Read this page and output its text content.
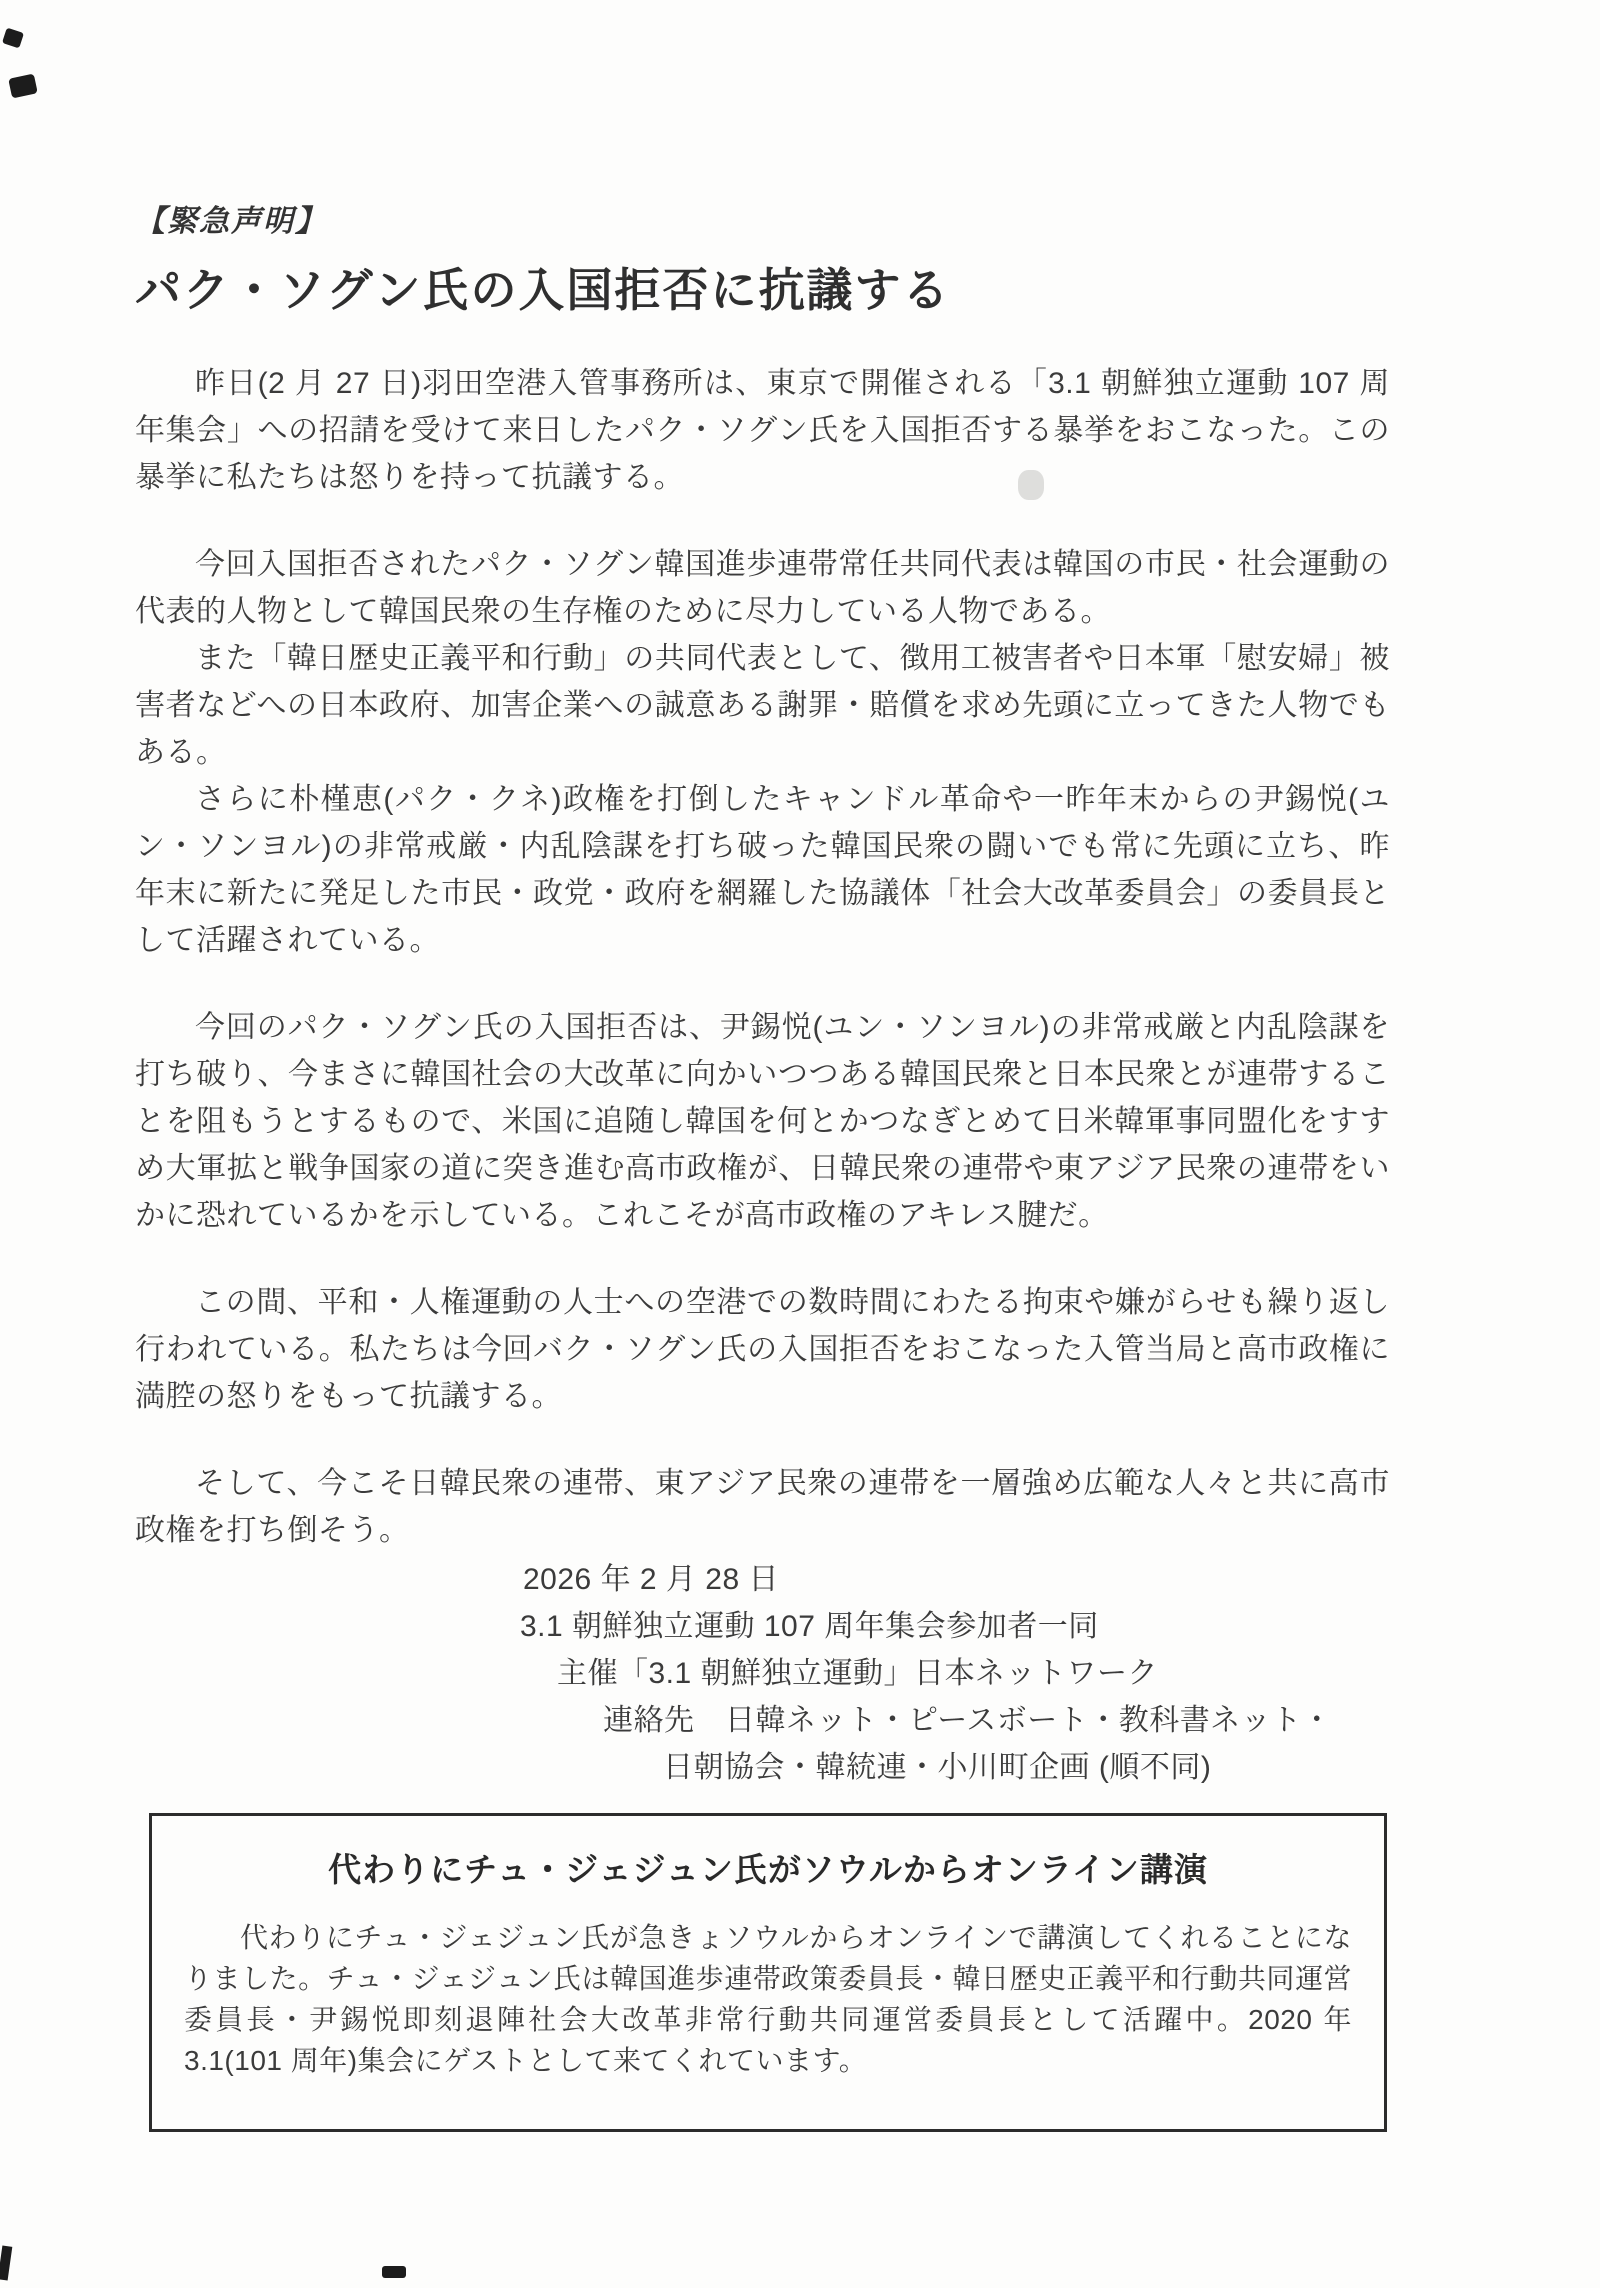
【緊急声明】
パク・ソグン氏の入国拒否に抗議する

昨日(2 月 27 日)羽田空港入管事務所は、東京で開催される「3.1 朝鮮独立運動 107 周年集会」への招請を受けて来日したパク・ソグン氏を入国拒否する暴挙をおこなった。この暴挙に私たちは怒りを持って抗議する。

今回入国拒否されたパク・ソグン韓国進歩連帯常任共同代表は韓国の市民・社会運動の代表的人物として韓国民衆の生存権のために尽力している人物である。

また「韓日歴史正義平和行動」の共同代表として、徴用工被害者や日本軍「慰安婦」被害者などへの日本政府、加害企業への誠意ある謝罪・賠償を求め先頭に立ってきた人物でもある。

さらに朴槿恵(パク・クネ)政権を打倒したキャンドル革命や一昨年末からの尹錫悦(ユン・ソンヨル)の非常戒厳・内乱陰謀を打ち破った韓国民衆の闘いでも常に先頭に立ち、昨年末に新たに発足した市民・政党・政府を網羅した協議体「社会大改革委員会」の委員長として活躍されている。

今回のパク・ソグン氏の入国拒否は、尹錫悦(ユン・ソンヨル)の非常戒厳と内乱陰謀を打ち破り、今まさに韓国社会の大改革に向かいつつある韓国民衆と日本民衆とが連帯することを阻もうとするもので、米国に追随し韓国を何とかつなぎとめて日米韓軍事同盟化をすすめ大軍拡と戦争国家の道に突き進む高市政権が、日韓民衆の連帯や東アジア民衆の連帯をいかに恐れているかを示している。これこそが高市政権のアキレス腱だ。

この間、平和・人権運動の人士への空港での数時間にわたる拘束や嫌がらせも繰り返し行われている。私たちは今回バク・ソグン氏の入国拒否をおこなった入管当局と高市政権に満腔の怒りをもって抗議する。

そして、今こそ日韓民衆の連帯、東アジア民衆の連帯を一層強め広範な人々と共に高市政権を打ち倒そう。

2026 年 2 月 28 日
3.1 朝鮮独立運動 107 周年集会参加者一同
主催「3.1 朝鮮独立運動」日本ネットワーク
連絡先　日韓ネット・ピースボート・教科書ネット・
日朝協会・韓統連・小川町企画 (順不同)
代わりにチュ・ジェジュン氏がソウルからオンライン講演

代わりにチュ・ジェジュン氏が急きょソウルからオンラインで講演してくれることになりました。チュ・ジェジュン氏は韓国進歩連帯政策委員長・韓日歴史正義平和行動共同運営委員長・尹錫悦即刻退陣社会大改革非常行動共同運営委員長として活躍中。2020 年 3.1(101 周年)集会にゲストとして来てくれています。
